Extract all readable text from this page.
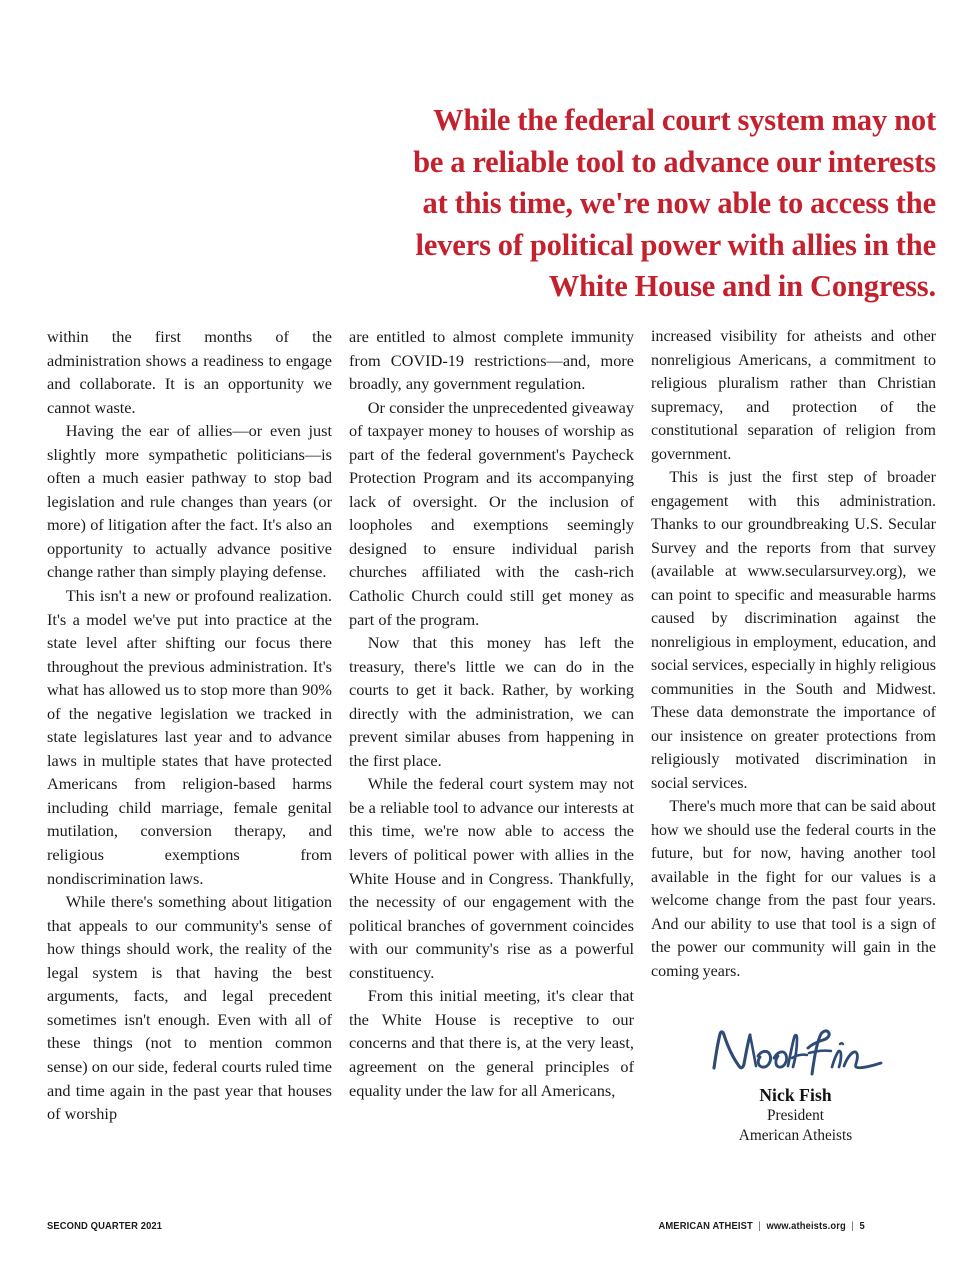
While the federal court system may not
be a reliable tool to advance our interests
at this time, we're now able to access the
levers of political power with allies in the
White House and in Congress.

within the first months of the administration shows a readiness to engage and collaborate. It is an opportunity we cannot waste.

Having the ear of allies—or even just slightly more sympathetic politicians—is often a much easier pathway to stop bad legislation and rule changes than years (or more) of litigation after the fact. It's also an opportunity to actually advance positive change rather than simply playing defense.

This isn't a new or profound realization. It's a model we've put into practice at the state level after shifting our focus there throughout the previous administration. It's what has allowed us to stop more than 90% of the negative legislation we tracked in state legislatures last year and to advance laws in multiple states that have protected Americans from religion-based harms including child marriage, female genital mutilation, conversion therapy, and religious exemptions from nondiscrimination laws.

While there's something about litigation that appeals to our community's sense of how things should work, the reality of the legal system is that having the best arguments, facts, and legal precedent sometimes isn't enough. Even with all of these things (not to mention common sense) on our side, federal courts ruled time and time again in the past year that houses of worship

are entitled to almost complete immunity from COVID-19 restrictions—and, more broadly, any government regulation.

Or consider the unprecedented giveaway of taxpayer money to houses of worship as part of the federal government's Paycheck Protection Program and its accompanying lack of oversight. Or the inclusion of loopholes and exemptions seemingly designed to ensure individual parish churches affiliated with the cash-rich Catholic Church could still get money as part of the program.

Now that this money has left the treasury, there's little we can do in the courts to get it back. Rather, by working directly with the administration, we can prevent similar abuses from happening in the first place.

While the federal court system may not be a reliable tool to advance our interests at this time, we're now able to access the levers of political power with allies in the White House and in Congress. Thankfully, the necessity of our engagement with the political branches of government coincides with our community's rise as a powerful constituency.

From this initial meeting, it's clear that the White House is receptive to our concerns and that there is, at the very least, agreement on the general principles of equality under the law for all Americans,

increased visibility for atheists and other nonreligious Americans, a commitment to religious pluralism rather than Christian supremacy, and protection of the constitutional separation of religion from government.

This is just the first step of broader engagement with this administration. Thanks to our groundbreaking U.S. Secular Survey and the reports from that survey (available at www.secularsurvey.org), we can point to specific and measurable harms caused by discrimination against the nonreligious in employment, education, and social services, especially in highly religious communities in the South and Midwest. These data demonstrate the importance of our insistence on greater protections from religiously motivated discrimination in social services.

There's much more that can be said about how we should use the federal courts in the future, but for now, having another tool available in the fight for our values is a welcome change from the past four years. And our ability to use that tool is a sign of the power our community will gain in the coming years.

Nick Fish
President
American Atheists
SECOND QUARTER 2021	AMERICAN ATHEIST | www.atheists.org | 5
